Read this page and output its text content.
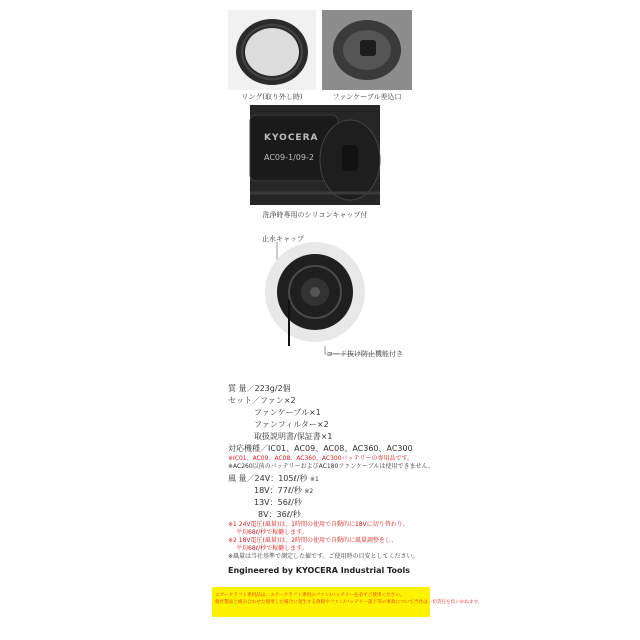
リング(取り外し時)	ファンケーブル差込口
KYOCERA
AC09-1/09-2
洗浄時専用のシリコンキャップ付
止水キャップ
コード抜け防止機能付き
質 量／223g/2個
セット／ファン×2
ファンケーブル×1
ファンフィルター×2
取扱説明書/保証書×1
対応機種／IC01、AC09、AC08、AC360、AC300
※IC01、AC09、AC08、AC360、AC300バッテリーの専用品です。
※AC260以前のバッテリーおよびAC180ファンケーブルは使用できません。
風 量／24V：105ℓ/秒 ※1
18V：77ℓ/秒 ※2
13V：56ℓ/秒
8V：36ℓ/秒
※1 24V電圧(風量)は、1時間の使用で自動的に18Vに切り替わり、
平均68ℓ/秒で稼働します。
※2 18V電圧(風量)は、2時間の使用で自動的に風量調整をし、
平均68ℓ/秒で稼働します。
※風量は当社基準で測定した値です。ご使用時の目安としてください。
Engineered by KYOCERA Industrial Tools
エアークラフト専用品は、エアークラフト専用のファン/バッテリーを必ずご使用ください。
他社製品と組み合わせた使用した場合に発生する故障やファン/バッテリー落下等の事故について当社は一切責任を負いかねます。
